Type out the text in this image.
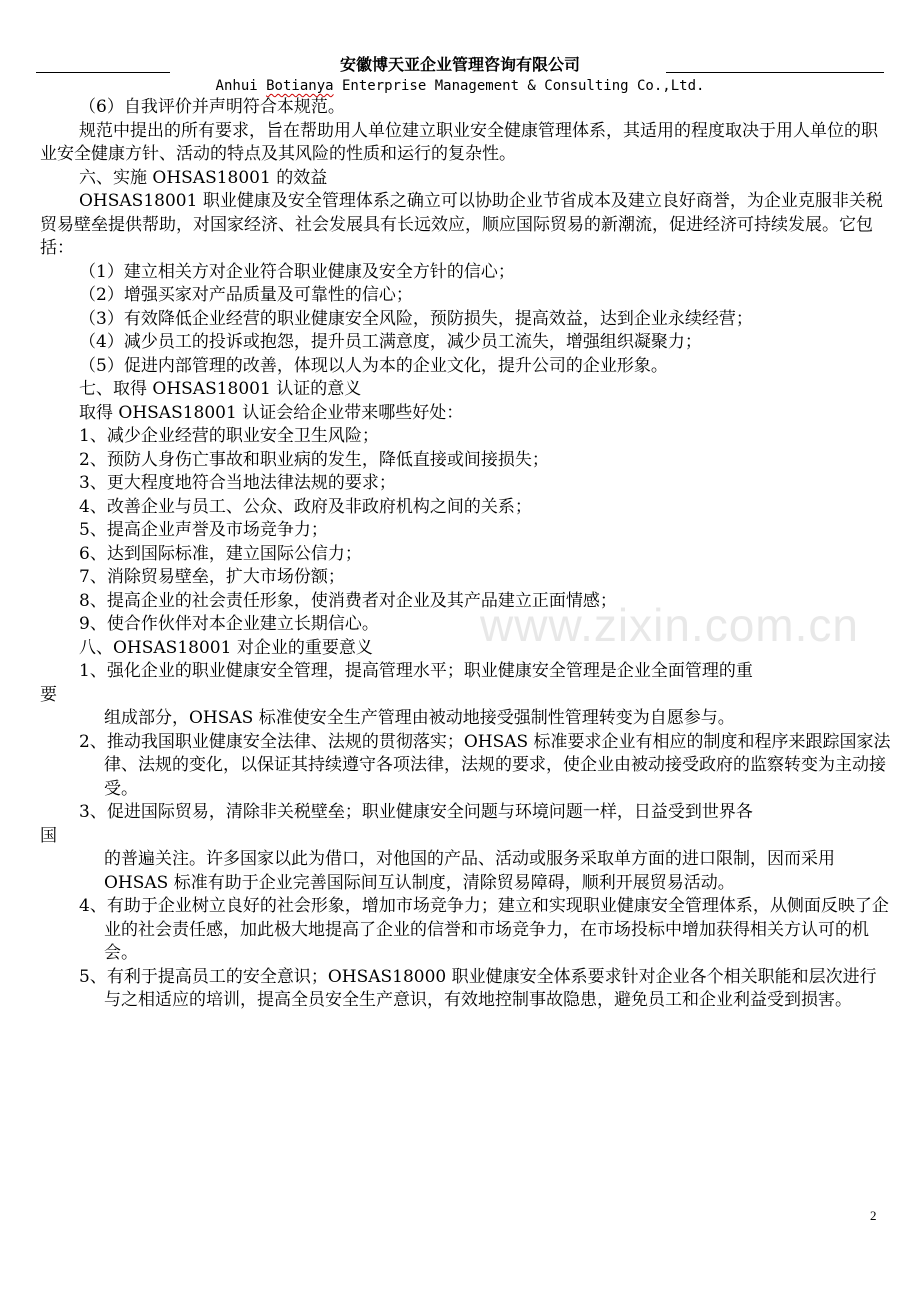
安徽博天亚企业管理咨询有限公司
Anhui Botianya Enterprise Management & Consulting Co.,Ltd.
www.zixin.com.cn

（6）自我评价并声明符合本规范。

规范中提出的所有要求，旨在帮助用人单位建立职业安全健康管理体系，其适用的程度取决于用人单位的职业安全健康方针、活动的特点及其风险的性质和运行的复杂性。

六、实施 OHSAS18001 的效益

OHSAS18001 职业健康及安全管理体系之确立可以协助企业节省成本及建立良好商誉，为企业克服非关税贸易壁垒提供帮助，对国家经济、社会发展具有长远效应，顺应国际贸易的新潮流，促进经济可持续发展。它包括：

（1）建立相关方对企业符合职业健康及安全方针的信心；

（2）增强买家对产品质量及可靠性的信心；

（3）有效降低企业经营的职业健康安全风险，预防损失，提高效益，达到企业永续经营；

（4）减少员工的投诉或抱怨，提升员工满意度，减少员工流失，增强组织凝聚力；

（5）促进内部管理的改善，体现以人为本的企业文化，提升公司的企业形象。

七、取得 OHSAS18001 认证的意义

取得 OHSAS18001 认证会给企业带来哪些好处：

1、减少企业经营的职业安全卫生风险；

2、预防人身伤亡事故和职业病的发生，降低直接或间接损失；

3、更大程度地符合当地法律法规的要求；

4、改善企业与员工、公众、政府及非政府机构之间的关系；

5、提高企业声誉及市场竞争力；

6、达到国际标准，建立国际公信力；

7、消除贸易壁垒，扩大市场份额；

8、提高企业的社会责任形象，使消费者对企业及其产品建立正面情感；

9、使合作伙伴对本企业建立长期信心。

八、OHSAS18001 对企业的重要意义

1、强化企业的职业健康安全管理，提高管理水平；职业健康安全管理是企业全面管理的重

要

组成部分，OHSAS 标准使安全生产管理由被动地接受强制性管理转变为自愿参与。

2、推动我国职业健康安全法律、法规的贯彻落实；OHSAS 标准要求企业有相应的制度和程序来跟踪国家法律、法规的变化，以保证其持续遵守各项法律，法规的要求，使企业由被动接受政府的监察转变为主动接受。

3、促进国际贸易，清除非关税壁垒；职业健康安全问题与环境问题一样，日益受到世界各

国

的普遍关注。许多国家以此为借口，对他国的产品、活动或服务采取单方面的进口限制，因而采用 OHSAS 标准有助于企业完善国际间互认制度，清除贸易障碍，顺利开展贸易活动。

4、有助于企业树立良好的社会形象，增加市场竞争力；建立和实现职业健康安全管理体系，从侧面反映了企业的社会责任感，加此极大地提高了企业的信誉和市场竞争力，在市场投标中增加获得相关方认可的机会。

5、有利于提高员工的安全意识；OHSAS18000 职业健康安全体系要求针对企业各个相关职能和层次进行与之相适应的培训，提高全员安全生产意识，有效地控制事故隐患，避免员工和企业利益受到损害。

2
